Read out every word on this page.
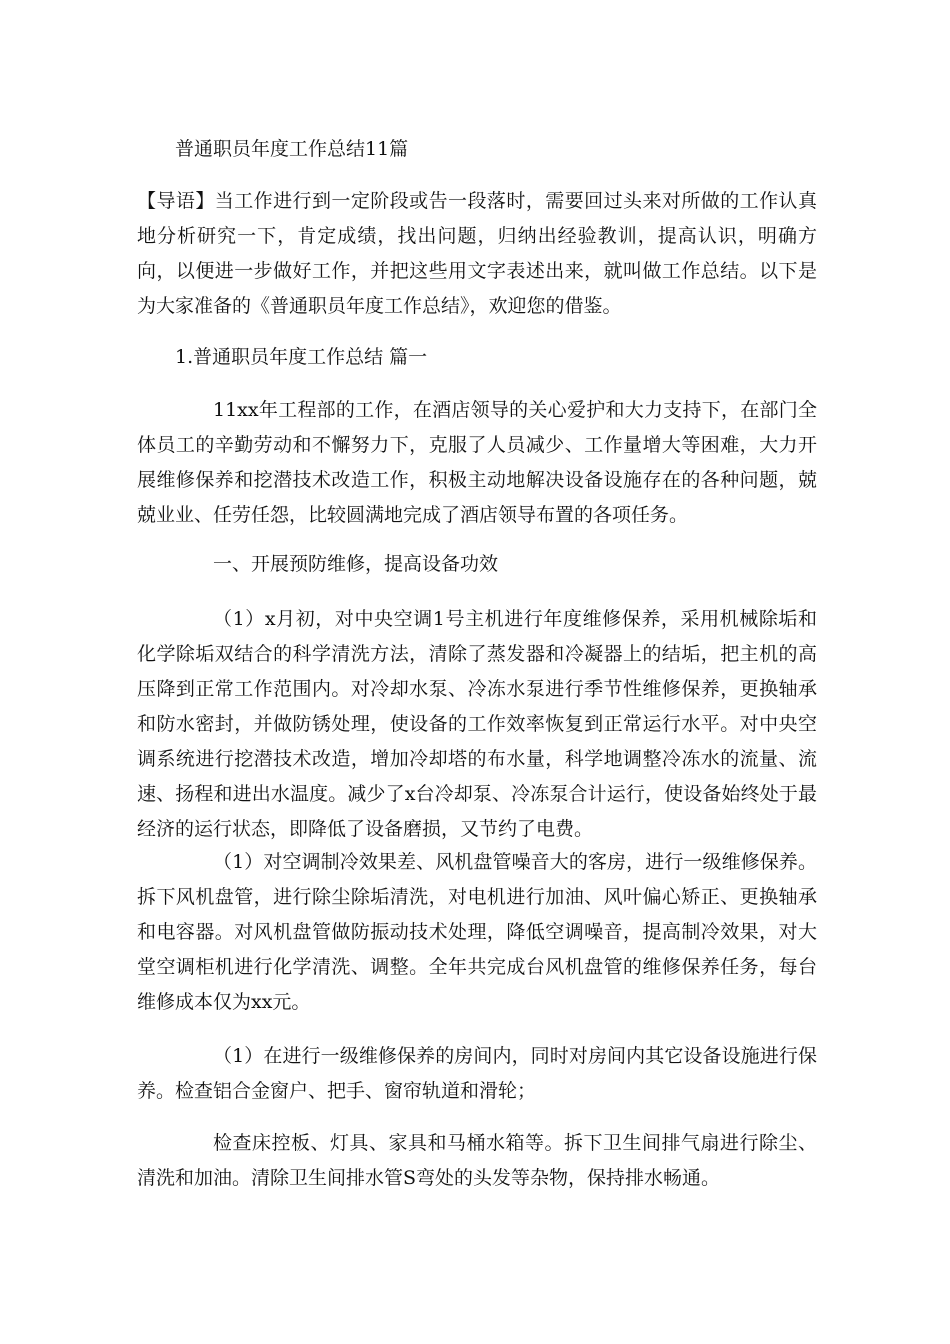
普通职员年度工作总结11篇

【导语】当工作进行到一定阶段或告一段落时，需要回过头来对所做的工作认真地分析研究一下，肯定成绩，找出问题，归纳出经验教训，提高认识，明确方向，以便进一步做好工作，并把这些用文字表述出来，就叫做工作总结。以下是为大家准备的《普通职员年度工作总结》，欢迎您的借鉴。

1.普通职员年度工作总结 篇一

11xx年工程部的工作，在酒店领导的关心爱护和大力支持下，在部门全体员工的辛勤劳动和不懈努力下，克服了人员减少、工作量增大等困难，大力开展维修保养和挖潜技术改造工作，积极主动地解决设备设施存在的各种问题，兢兢业业、任劳任怨，比较圆满地完成了酒店领导布置的各项任务。

一、开展预防维修，提高设备功效

（1）x月初，对中央空调1号主机进行年度维修保养，采用机械除垢和化学除垢双结合的科学清洗方法，清除了蒸发器和冷凝器上的结垢，把主机的高压降到正常工作范围内。对冷却水泵、冷冻水泵进行季节性维修保养，更换轴承和防水密封，并做防锈处理，使设备的工作效率恢复到正常运行水平。对中央空调系统进行挖潜技术改造，增加冷却塔的布水量，科学地调整冷冻水的流量、流速、扬程和进出水温度。减少了x台冷却泵、冷冻泵合计运行，使设备始终处于最经济的运行状态，即降低了设备磨损，又节约了电费。

（1）对空调制冷效果差、风机盘管噪音大的客房，进行一级维修保养。拆下风机盘管，进行除尘除垢清洗，对电机进行加油、风叶偏心矫正、更换轴承和电容器。对风机盘管做防振动技术处理，降低空调噪音，提高制冷效果，对大堂空调柜机进行化学清洗、调整。全年共完成台风机盘管的维修保养任务，每台维修成本仅为xx元。

（1）在进行一级维修保养的房间内，同时对房间内其它设备设施进行保养。检查铝合金窗户、把手、窗帘轨道和滑轮；

检查床控板、灯具、家具和马桶水箱等。拆下卫生间排气扇进行除尘、清洗和加油。清除卫生间排水管S弯处的头发等杂物，保持排水畅通。
